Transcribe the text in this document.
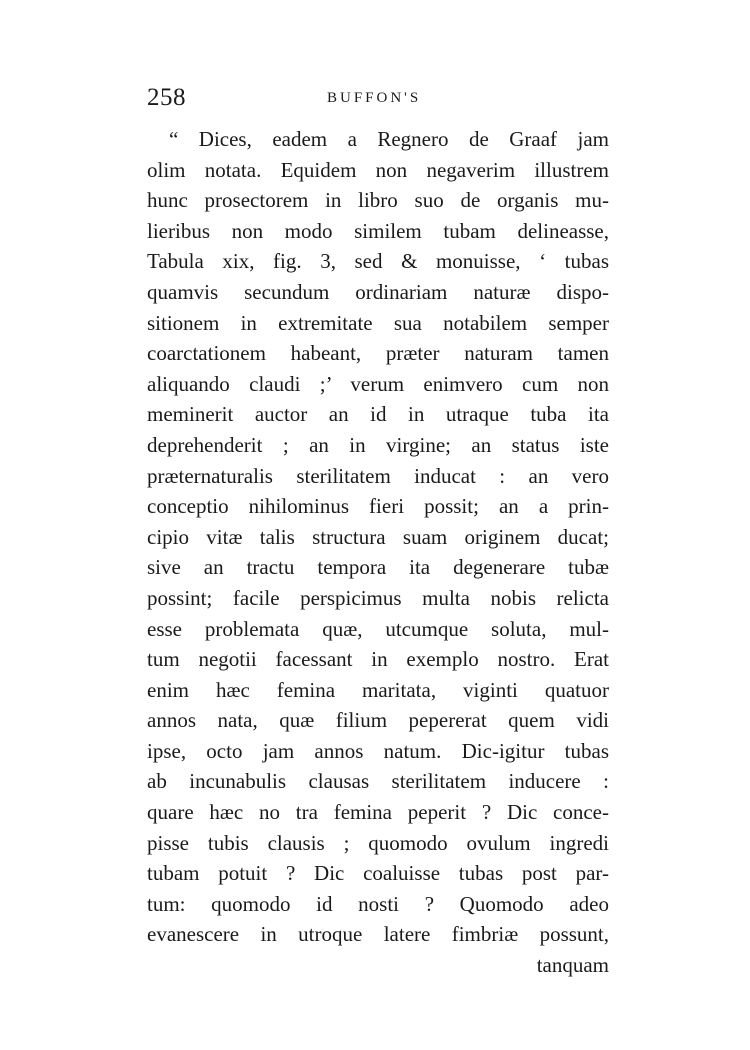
258	BUFFON'S
“ Dices, eadem a Regnero de Graaf jam
olim notata. Equidem non negaverim illustrem
hunc prosectorem in libro suo de organis mu-
lieribus non modo similem tubam delineasse,
Tabula xix, fig. 3, sed & monuisse, ‘ tubas
quamvis secundum ordinariam naturæ dispo-
sitionem in extremitate sua notabilem semper
coarctationem habeant, præter naturam tamen
aliquando claudi ;’ verum enimvero cum non
meminerit auctor an id in utraque tuba ita
deprehenderit ; an in virgine; an status iste
præternaturalis sterilitatem inducat : an vero
conceptio nihilominus fieri possit; an a prin-
cipio vitæ talis structura suam originem ducat;
sive an tractu tempora ita degenerare tubæ
possint; facile perspicimus multa nobis relicta
esse problemata quæ, utcumque soluta, mul-
tum negotii facessant in exemplo nostro. Erat
enim hæc femina maritata, viginti quatuor
annos nata, quæ filium pepererat quem vidi
ipse, octo jam annos natum. Dic-igitur tubas
ab incunabulis clausas sterilitatem inducere :
quare hæc no tra femina peperit ? Dic conce-
pisse tubis clausis ; quomodo ovulum ingredi
tubam potuit ? Dic coaluisse tubas post par-
tum: quomodo id nosti ? Quomodo adeo
evanescere in utroque latere fimbriæ possunt,
tanquam
